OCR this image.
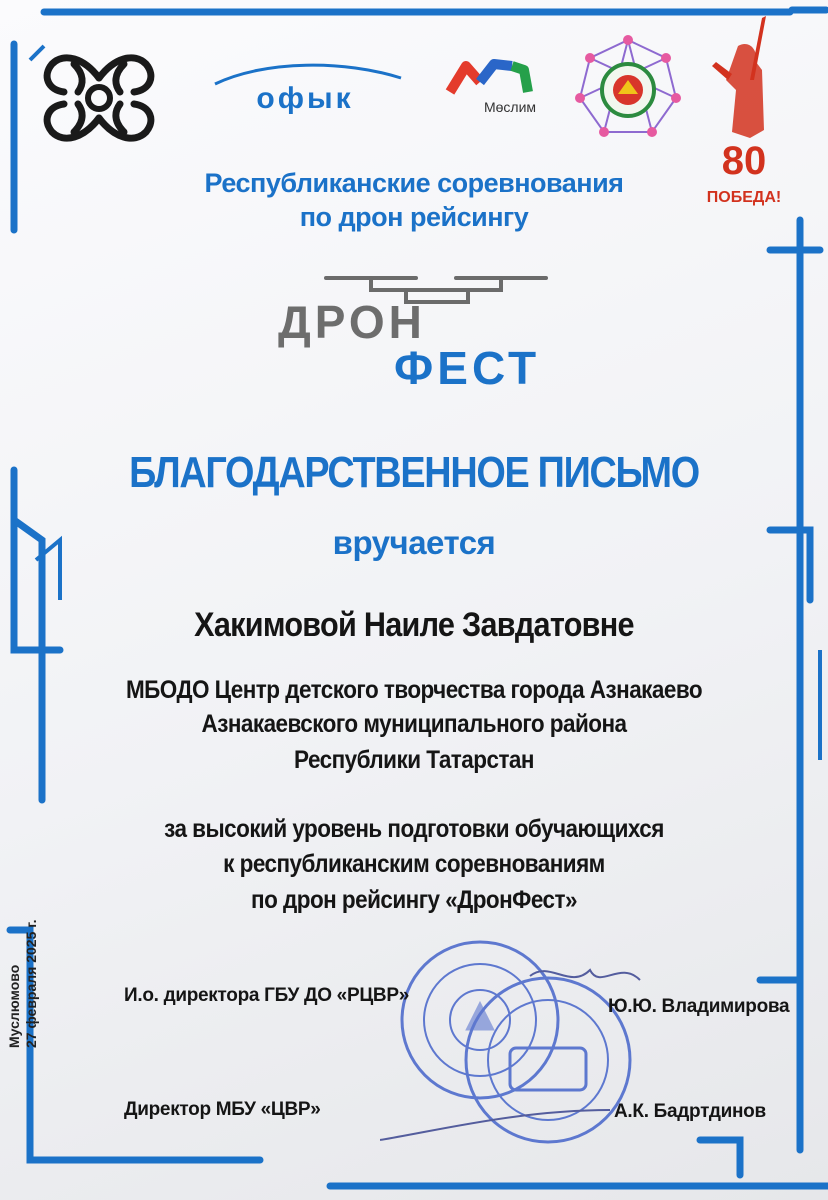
офык	Мөслим
80
ПОБЕДА!
Республиканские соревнования
по дрон рейсингу
ДРОН
ФЕСТ
БЛАГОДАРСТВЕННОЕ ПИСЬМО
вручается
Хакимовой Наиле Завдатовне
МБОДО Центр детского творчества города Азнакаево
Азнакаевского муниципального района
Республики Татарстан
за высокий уровень подготовки обучающихся
к республиканским соревнованиям
по дрон рейсингу «ДронФест»
Муслюмово 27 февраля 2025 г.	И.о. директора ГБУ ДО «РЦВР»
Ю.Ю. Владимирова
Директор МБУ «ЦВР»	А.К. Бадртдинов
